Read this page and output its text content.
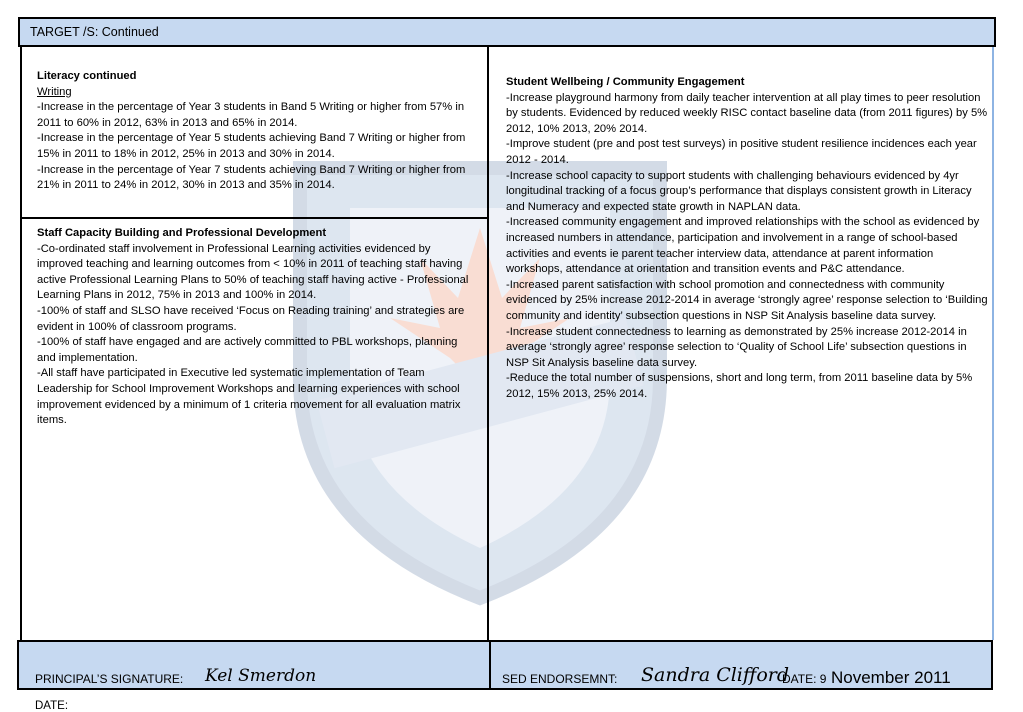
TARGET /S: Continued
Literacy continued
Writing
-Increase in the percentage of Year 3 students in Band 5 Writing or higher from 57% in 2011 to 60% in 2012, 63% in 2013 and 65% in 2014.
-Increase in the percentage of Year 5 students achieving Band 7 Writing or higher from 15% in 2011 to 18% in 2012, 25% in 2013 and 30% in 2014.
-Increase in the percentage of Year 7 students achieving Band 7 Writing or higher from 21% in 2011 to 24% in 2012, 30% in 2013 and 35% in 2014.
Staff Capacity Building and Professional Development
-Co-ordinated staff involvement in Professional Learning activities evidenced by improved teaching and learning outcomes from < 10% in 2011 of teaching staff having active Professional Learning Plans to 50% of teaching staff having active - Professional Learning Plans in 2012, 75% in 2013 and 100% in 2014.
-100% of staff and SLSO have received ‘Focus on Reading training’ and strategies are evident in 100% of classroom programs.
-100% of staff have engaged and are actively committed to PBL workshops, planning and implementation.
-All staff have participated in Executive led systematic implementation of Team Leadership for School Improvement Workshops and learning experiences with school improvement evidenced by a minimum of 1 criteria movement for all evaluation matrix items.
Student Wellbeing / Community Engagement
-Increase playground harmony from daily teacher intervention at all play times to peer resolution by students. Evidenced by reduced weekly RISC contact baseline data (from 2011 figures) by 5% 2012, 10% 2013, 20% 2014.
-Improve student (pre and post test surveys) in positive student resilience incidences each year 2012 - 2014.
-Increase school capacity to support students with challenging behaviours evidenced by 4yr longitudinal tracking of a focus group’s performance that displays consistent growth in Literacy and Numeracy and expected state growth in NAPLAN data.
-Increased community engagement and improved relationships with the school as evidenced by increased numbers in attendance, participation and involvement in a range of school-based activities and events ie parent teacher interview data, attendance at parent information workshops, attendance at orientation and transition events and P&C attendance.
-Increased parent satisfaction with school promotion and connectedness with community evidenced by 25% increase 2012-2014 in average ‘strongly agree’ response selection to ‘Building community and identity’ subsection questions in NSP Sit Analysis baseline data survey.
-Increase student connectedness to learning as demonstrated by 25% increase 2012-2014 in average ‘strongly agree’ response selection to ‘Quality of School Life’ subsection questions in NSP Sit Analysis baseline data survey.
-Reduce the total number of suspensions, short and long term, from 2011 baseline data by 5% 2012, 15% 2013, 25% 2014.
PRINCIPAL’S SIGNATURE: Kel Smerdon	SED ENDORSEMNT: Sandra Clifford
DATE: 9 November 2011
DATE:
